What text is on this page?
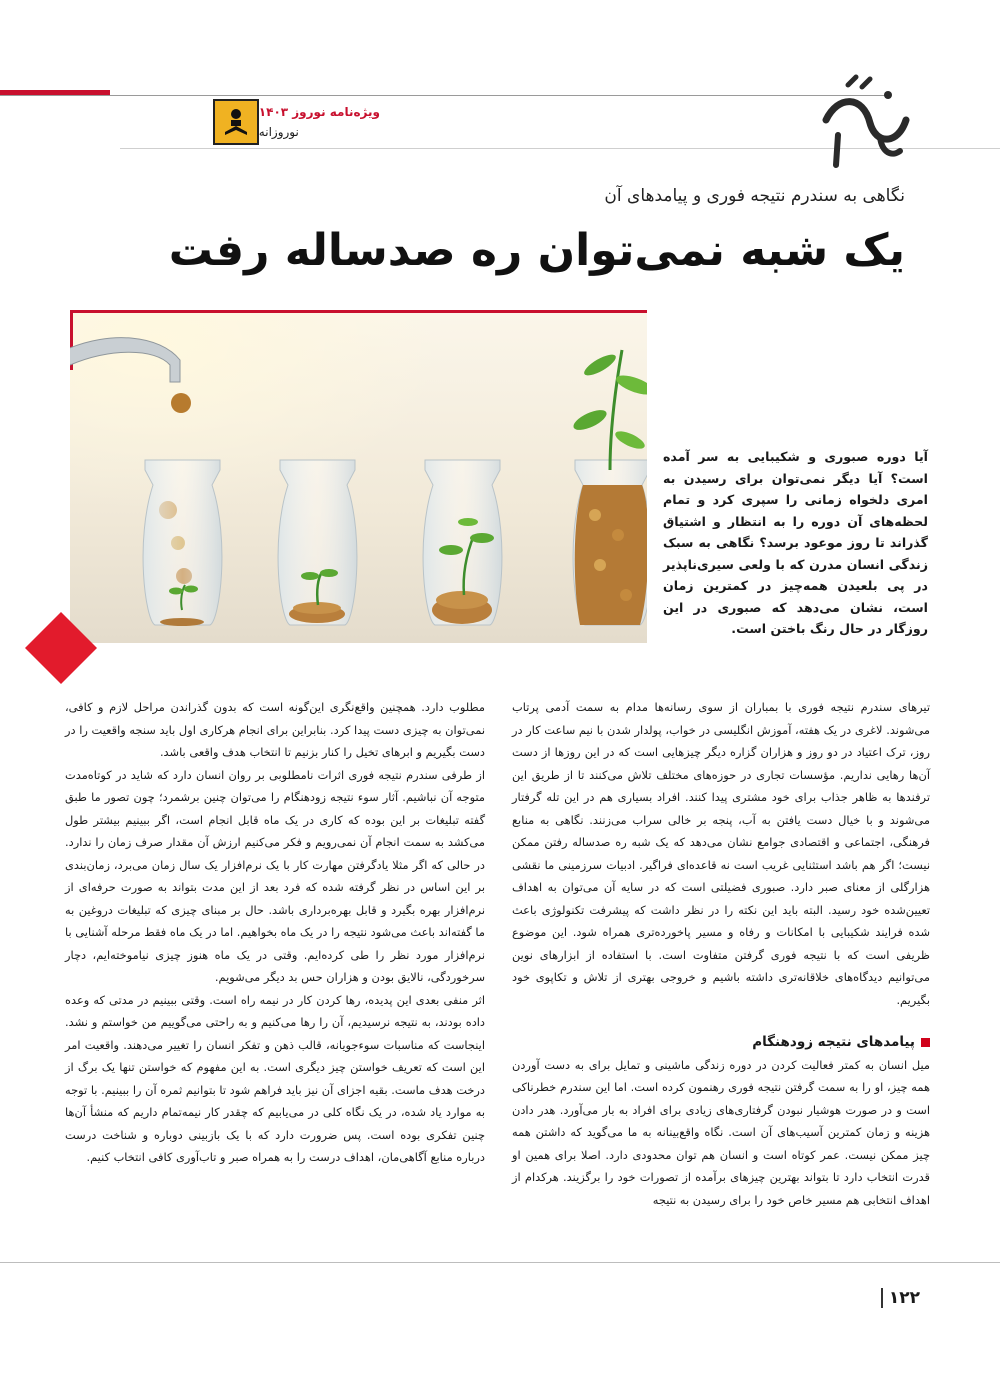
ویژه‌نامه نوروز ۱۴۰۳
نوروزانه
نگاهی به سندرم نتیجه فوری و پیامدهای آن
یک شبه نمی‌توان ره صدساله رفت
آیا دوره صبوری و شکیبایی به سر آمده است؟ آیا دیگر نمی‌توان برای رسیدن به امری دلخواه زمانی را سپری کرد و تمام لحظه‌های آن دوره را به انتظار و اشتیاق گذراند تا روز موعود برسد؟ نگاهی به سبک زندگی انسان مدرن که با ولعی سیری‌ناپذیر در پی بلعیدن همه‌چیز در کمترین زمان است، نشان می‌دهد که صبوری در این روزگار در حال رنگ باختن است.

تیرهای سندرم نتیجه فوری با بمباران از سوی رسانه‌ها مدام به سمت آدمی پرتاب می‌شوند. لاغری در یک هفته، آموزش انگلیسی در خواب، پولدار شدن با نیم ساعت کار در روز، ترک اعتیاد در دو روز و هزاران گزاره دیگر چیزهایی است که در این روزها از دست آن‌ها رهایی نداریم. مؤسسات تجاری در حوزه‌های مختلف تلاش می‌کنند تا از طریق این ترفندها به ظاهر جذاب برای خود مشتری پیدا کنند. افراد بسیاری هم در این تله گرفتار می‌شوند و با خیال دست یافتن به آب، پنجه بر خالی سراب می‌زنند. نگاهی به منابع فرهنگی، اجتماعی و اقتصادی جوامع نشان می‌دهد که یک شبه ره صدساله رفتن ممکن نیست؛ اگر هم باشد استثنایی غریب است نه قاعده‌ای فراگیر. ادبیات سرزمینی ما نقشی هزارگلی از معنای صبر دارد. صبوری فضیلتی است که در سایه آن می‌توان به اهداف تعیین‌شده خود رسید. البته باید این نکته را در نظر داشت که پیشرفت تکنولوژی باعث شده فرایند شکیبایی با امکانات و رفاه و مسیر پاخورده‌تری همراه شود. این موضوع ظریفی است که با نتیجه فوری گرفتن متفاوت است. با استفاده از ابزارهای نوین می‌توانیم دیدگاه‌های خلاقانه‌تری داشته باشیم و خروجی بهتری از تلاش و تکاپوی خود بگیریم.

پیامدهای نتیجه زودهنگام

میل انسان به کمتر فعالیت کردن در دوره زندگی ماشینی و تمایل برای به دست آوردن همه چیز، او را به سمت گرفتن نتیجه فوری رهنمون کرده است. اما این سندرم خطرناکی است و در صورت هوشیار نبودن گرفتاری‌های زیادی برای افراد به بار می‌آورد. هدر دادن هزینه و زمان کمترین آسیب‌های آن است. نگاه واقع‌بینانه به ما می‌گوید که داشتن همه چیز ممکن نیست. عمر کوتاه است و انسان هم توان محدودی دارد. اصلا برای همین او قدرت انتخاب دارد تا بتواند بهترین چیزهای برآمده از تصورات خود را برگزیند. هرکدام از اهداف انتخابی هم مسیر خاص خود را برای رسیدن به نتیجه

مطلوب دارد. همچنین واقع‌نگری این‌گونه است که بدون گذراندن مراحل لازم و کافی، نمی‌توان به چیزی دست پیدا کرد. بنابراین برای انجام هرکاری اول باید سنجه واقعیت را در دست بگیریم و ابرهای تخیل را کنار بزنیم تا انتخاب هدف واقعی باشد.

از طرفی سندرم نتیجه فوری اثرات نامطلوبی بر روان انسان دارد که شاید در کوتاه‌مدت متوجه آن نباشیم. آثار سوء نتیجه زودهنگام را می‌توان چنین برشمرد؛ چون تصور ما طبق گفته تبلیغات بر این بوده که کاری در یک ماه قابل انجام است، اگر ببینیم بیشتر طول می‌کشد به سمت انجام آن نمی‌رویم و فکر می‌کنیم ارزش آن مقدار صرف زمان را ندارد. در حالی که اگر مثلا یادگرفتن مهارت کار با یک نرم‌افزار یک سال زمان می‌برد، زمان‌بندی بر این اساس در نظر گرفته شده که فرد بعد از این مدت بتواند به صورت حرفه‌ای از نرم‌افزار بهره بگیرد و قابل بهره‌برداری باشد. حال بر مبنای چیزی که تبلیغات دروغین به ما گفته‌اند باعث می‌شود نتیجه را در یک ماه بخواهیم. اما در یک ماه فقط مرحله آشنایی با نرم‌افزار مورد نظر را طی کرده‌ایم. وقتی در یک ماه هنوز چیزی نیاموخته‌ایم، دچار سرخوردگی، نالایق بودن و هزاران حس بد دیگر می‌شویم.

اثر منفی بعدی این پدیده، رها کردن کار در نیمه راه است. وقتی ببینیم در مدتی که وعده داده بودند، به نتیجه نرسیدیم، آن را رها می‌کنیم و به راحتی می‌گوییم من خواستم و نشد. اینجاست که مناسبات سوء‌جویانه، قالب ذهن و تفکر انسان را تغییر می‌دهند. واقعیت امر این است که تعریف خواستن چیز دیگری است. به این مفهوم که خواستن تنها یک برگ از درخت هدف ماست. بقیه اجزای آن نیز باید فراهم شود تا بتوانیم ثمره آن را ببینیم. با توجه به موارد یاد شده، در یک نگاه کلی در می‌یابیم که چقدر کار نیمه‌تمام داریم که منشأ آن‌ها چنین تفکری بوده است. پس ضرورت دارد که با یک بازبینی دوباره و شناخت درست درباره منابع آگاهی‌مان، اهداف درست را به همراه صبر و تاب‌آوری کافی انتخاب کنیم.

۱۲۲
